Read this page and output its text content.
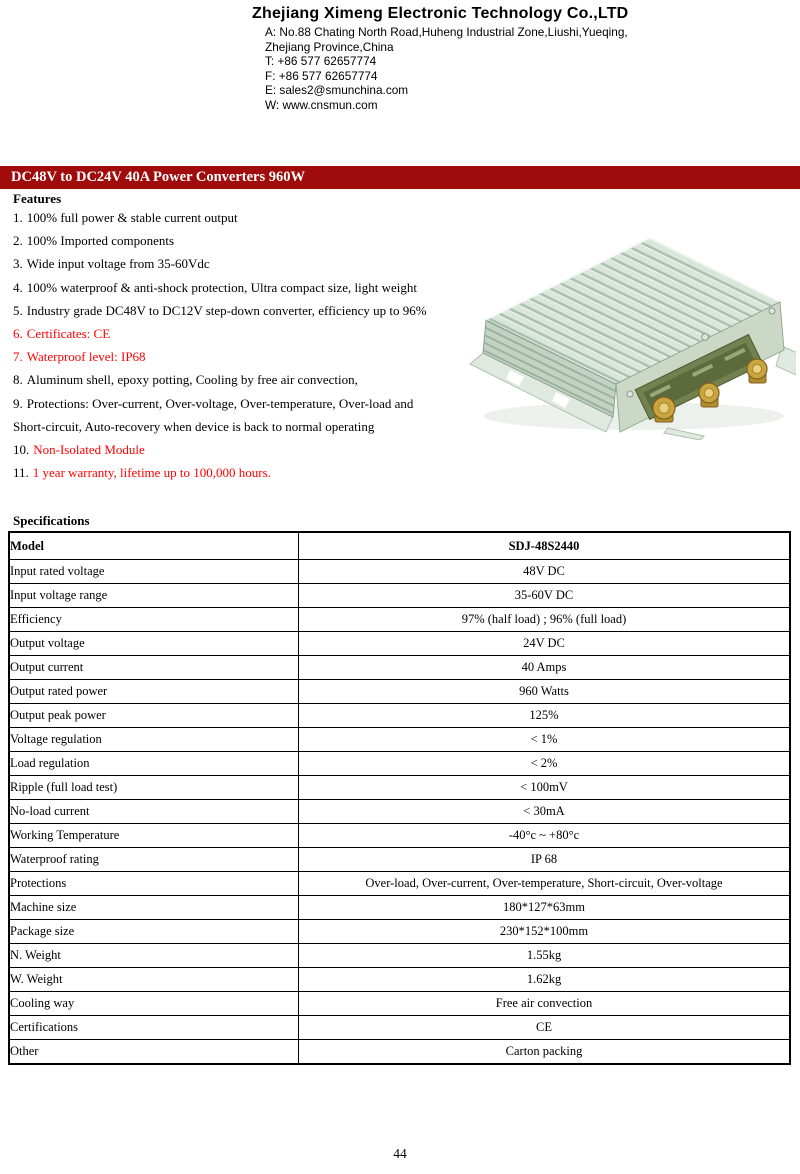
Zhejiang Ximeng Electronic Technology Co.,LTD
A: No.88 Chating North Road,Huheng Industrial Zone,Liushi,Yueqing,
Zhejiang Province,China
T: +86 577 62657774
F: +86 577 62657774
E: sales2@smunchina.com
W: www.cnsmun.com
DC48V to DC24V 40A Power Converters 960W
Features
1. 100% full power & stable current output
2. 100% Imported components
3. Wide input voltage from 35-60Vdc
4. 100% waterproof & anti-shock protection, Ultra compact size, light weight
5. Industry grade DC48V to DC12V step-down converter, efficiency up to 96%
6. Certificates: CE
7. Waterproof level: IP68
8. Aluminum shell, epoxy potting, Cooling by free air convection,
9. Protections: Over-current, Over-voltage, Over-temperature, Over-load and
Short-circuit, Auto-recovery when device is back to normal operating
10. Non-Isolated Module
11. 1 year warranty, lifetime up to 100,000 hours.
Specifications
Model	SDJ-48S2440
Input rated voltage	48V DC
Input voltage range	35-60V DC
Efficiency	97% (half load) ; 96% (full load)
Output voltage	24V DC
Output current	40 Amps
Output rated power	960 Watts
Output peak power	125%
Voltage regulation	< 1%
Load regulation	< 2%
Ripple (full load test)	< 100mV
No-load current	< 30mA
Working Temperature	-40°c ~ +80°c
Waterproof rating	IP 68
Protections	Over-load, Over-current, Over-temperature, Short-circuit, Over-voltage
Machine size	180*127*63mm
Package size	230*152*100mm
N. Weight	1.55kg
W. Weight	1.62kg
Cooling way	Free air convection
Certifications	CE
Other	Carton packing
44
